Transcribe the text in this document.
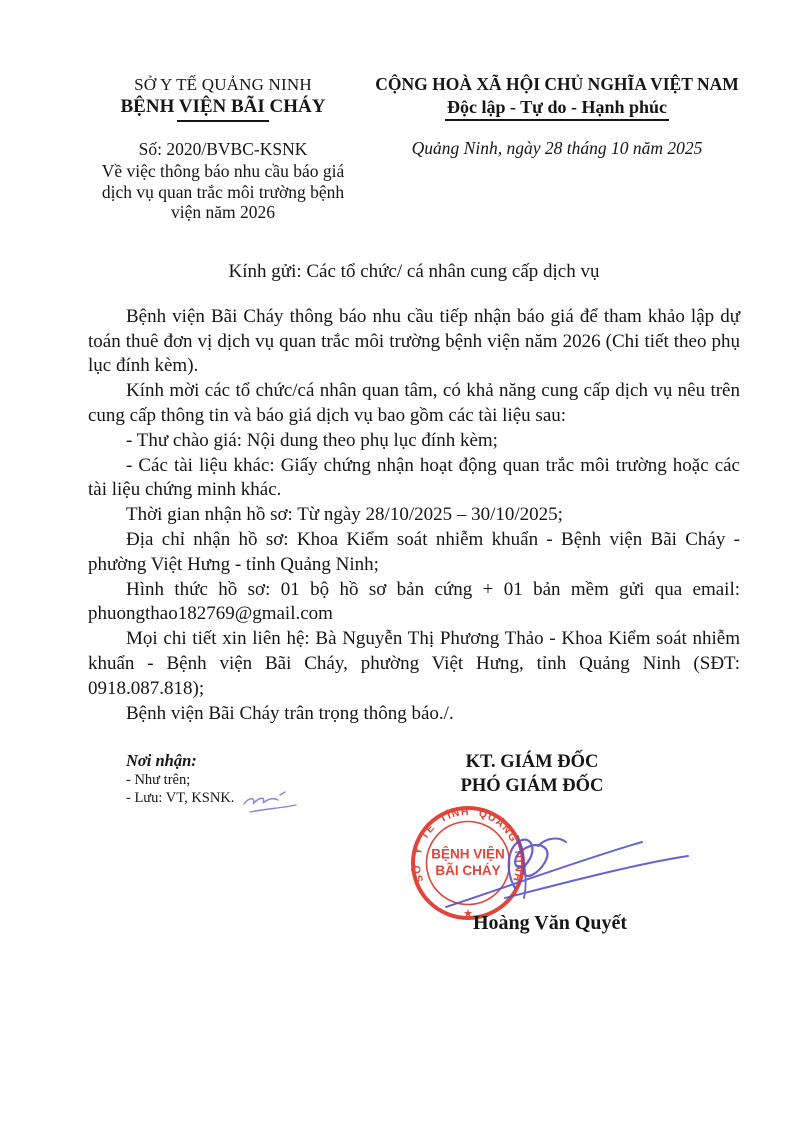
SỞ Y TẾ QUẢNG NINH
BỆNH VIỆN BÃI CHÁY
Số: 2020/BVBC-KSNK
Về việc thông báo nhu cầu báo giá dịch vụ quan trắc môi trường bệnh viện năm 2026
CỘNG HOÀ XÃ HỘI CHỦ NGHĨA VIỆT NAM
Độc lập - Tự do - Hạnh phúc
Quảng Ninh, ngày 28 tháng 10 năm 2025
Kính gửi: Các tổ chức/ cá nhân cung cấp dịch vụ

Bệnh viện Bãi Cháy thông báo nhu cầu tiếp nhận báo giá để tham khảo lập dự toán thuê đơn vị dịch vụ quan trắc môi trường bệnh viện năm 2026 (Chi tiết theo phụ lục đính kèm).

Kính mời các tổ chức/cá nhân quan tâm, có khả năng cung cấp dịch vụ nêu trên cung cấp thông tin và báo giá dịch vụ bao gồm các tài liệu sau:

- Thư chào giá: Nội dung theo phụ lục đính kèm;

- Các tài liệu khác: Giấy chứng nhận hoạt động quan trắc môi trường hoặc các tài liệu chứng minh khác.

Thời gian nhận hồ sơ: Từ ngày 28/10/2025 – 30/10/2025;

Địa chỉ nhận hồ sơ: Khoa Kiểm soát nhiễm khuẩn - Bệnh viện Bãi Cháy - phường Việt Hưng - tỉnh Quảng Ninh;

Hình thức hồ sơ: 01 bộ hồ sơ bản cứng + 01 bản mềm gửi qua email: phuongthao182769@gmail.com

Mọi chi tiết xin liên hệ: Bà Nguyễn Thị Phương Thảo - Khoa Kiểm soát nhiễm khuẩn - Bệnh viện Bãi Cháy, phường Việt Hưng, tỉnh Quảng Ninh (SĐT: 0918.087.818);

Bệnh viện Bãi Cháy trân trọng thông báo./.

Nơi nhận:
- Như trên;
- Lưu: VT, KSNK.
KT. GIÁM ĐỐC
PHÓ GIÁM ĐỐC
SỞ Y TẾ TỈNH QUẢNG NINH
BỆNH VIỆN
BÃI CHÁY
★ Hoàng Văn Quyết
